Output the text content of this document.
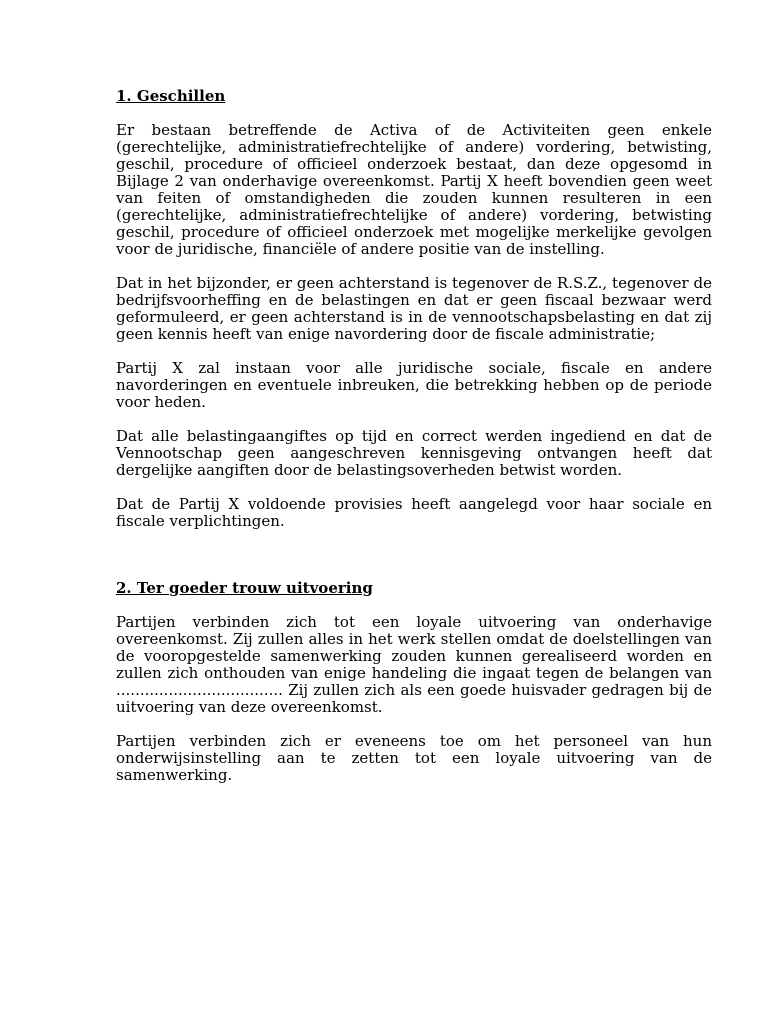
1. Geschillen

Er bestaan betreffende de Activa of de Activiteiten geen enkele (gerechtelijke, administratiefrechtelijke of andere) vordering, betwisting, geschil, procedure of officieel onderzoek bestaat, dan deze opgesomd in Bijlage 2 van onderhavige overeenkomst. Partij X heeft bovendien geen weet van feiten of omstandigheden die zouden kunnen resulteren in een (gerechtelijke, administratiefrechtelijke of andere) vordering, betwisting geschil, procedure of officieel onderzoek met mogelijke merkelijke gevolgen voor de juridische, financiële of andere positie van de instelling.

Dat in het bijzonder, er geen achterstand is tegenover de R.S.Z., tegenover de bedrijfsvoorheffing en de belastingen en dat er geen fiscaal bezwaar werd geformuleerd, er geen achterstand is in de vennootschapsbelasting en dat zij geen kennis heeft van enige navordering door de fiscale administratie;

Partij X zal instaan voor alle juridische sociale, fiscale en andere navorderingen en eventuele inbreuken, die betrekking hebben op de periode voor heden.

Dat alle belastingaangiftes op tijd en correct werden ingediend en dat de Vennootschap geen aangeschreven kennisgeving ontvangen heeft dat dergelijke aangiften door de belastingsoverheden betwist worden.

Dat de Partij X voldoende provisies heeft aangelegd voor haar sociale en fiscale verplichtingen.

2. Ter goeder trouw uitvoering

Partijen verbinden zich tot een loyale uitvoering van onderhavige overeenkomst. Zij zullen alles in het werk stellen omdat de doelstellingen van de vooropgestelde samenwerking zouden kunnen gerealiseerd worden en zullen zich onthouden van enige handeling die ingaat tegen de belangen van ................................... Zij zullen zich als een goede huisvader gedragen bij de uitvoering van deze overeenkomst.

Partijen verbinden zich er eveneens toe om het personeel van hun onderwijsinstelling aan te zetten tot een loyale uitvoering van de samenwerking.
